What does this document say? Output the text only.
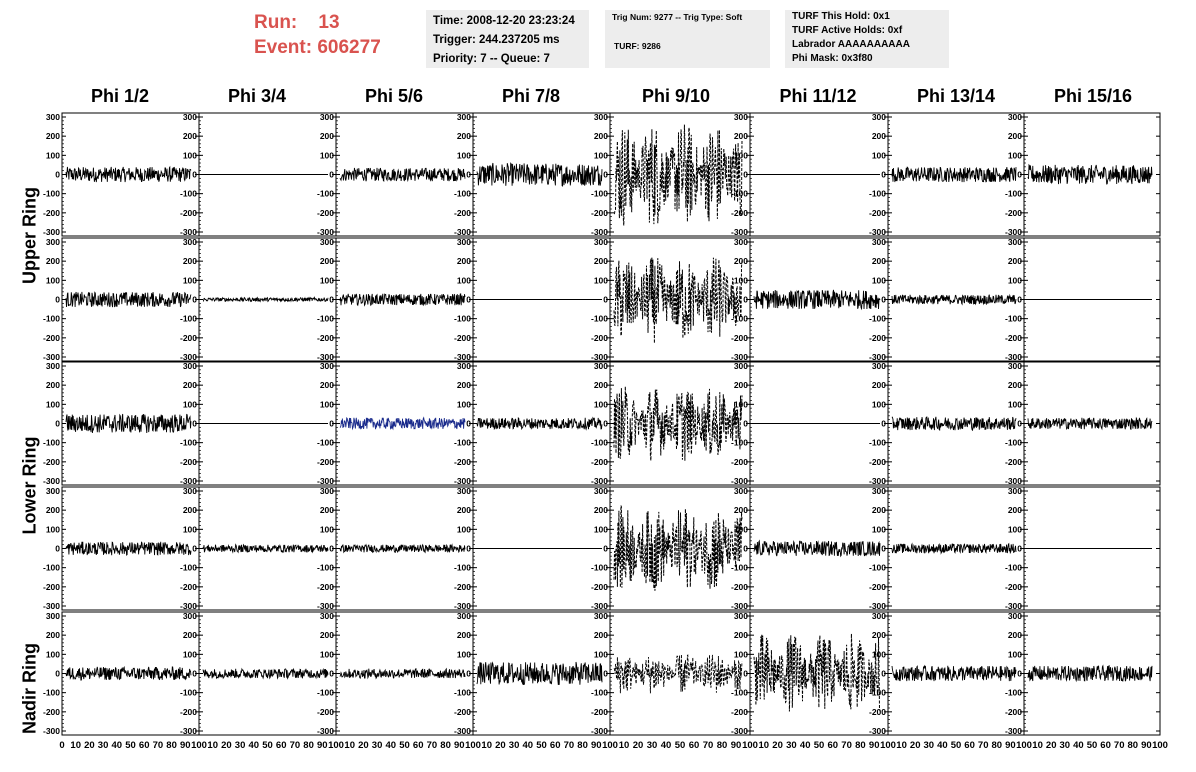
Run: 13
Event: 606277
Time: 2008-12-20 23:23:24
Trigger: 244.237205 ms
Priority: 7 -- Queue: 7
Trig Num: 9277 -- Trig Type: Soft
TURF: 9286
TURF This Hold: 0x1
TURF Active Holds: 0xf
Labrador AAAAAAAAAA
Phi Mask: 0x3f80
Phi 1/2	Phi 3/4	Phi 5/6	Phi 7/8	Phi 9/10	Phi 11/12	Phi 13/14	Phi 15/16
Upper Ring
Lower Ring
Nadir Ring
300
200
100
0
-100
-200
-300
300
200
100
0
-100
-200
-300
300
200
100
0
-100
-200
-300
300
200
100
0
-100
-200
-300
300
200
100
0
-100
-200
-300
300
200
100
0
-100
-200
-300
300
200
100
0
-100
-200
-300
300
200
100
0
-100
-200
-300
300
200
100
0
-100
-200
-300
300
200
100
0
-100
-200
-300
300
200
100
0
-100
-200
-300
300
200
100
0
-100
-200
-300
300
200
100
0
-100
-200
-300
300
200
100
0
-100
-200
-300
300
200
100
0
-100
-200
-300
300
200
100
0
-100
-200
-300
300
200
100
0
-100
-200
-300
300
200
100
0
-100
-200
-300
300
200
100
0
-100
-200
-300
300
200
100
0
-100
-200
-300
300
200
100
0
-100
-200
-300
300
200
100
0
-100
-200
-300
300
200
100
0
-100
-200
-300
300
200
100
0
-100
-200
-300
300
200
100
0
-100
-200
-300
300
200
100
0
-100
-200
-300
300
200
100
0
-100
-200
-300
300
200
100
0
-100
-200
-300
300
200
100
0
-100
-200
-300
300
200
100
0
-100
-200
-300
300
200
100
0
-100
-200
-300
300
200
100
0
-100
-200
-300
300
200
100
0
-100
-200
-300
300
200
100
0
-100
-200
-300
300
200
100
0
-100
-200
-300
300
200
100
0
-100
-200
-300
300
200
100
0
-100
-200
-300
300
200
100
0
-100
-200
-300
300
200
100
0
-100
-200
-300
300
200
100
0
-100
-200
-300
0 10 20 30 40 50 60 70 80 90 100 10 20 30 40 50 60 70 80 90 100 10 20 30 40 50 60 70 80 90 100 10 20 30 40 50 60 70 80 90 100 10 20 30 40 50 60 70 80 90 100 10 20 30 40 50 60 70 80 90 100 10 20 30 40 50 60 70 80 90 100 10 20 30 40 50 60 70 80 90 100
